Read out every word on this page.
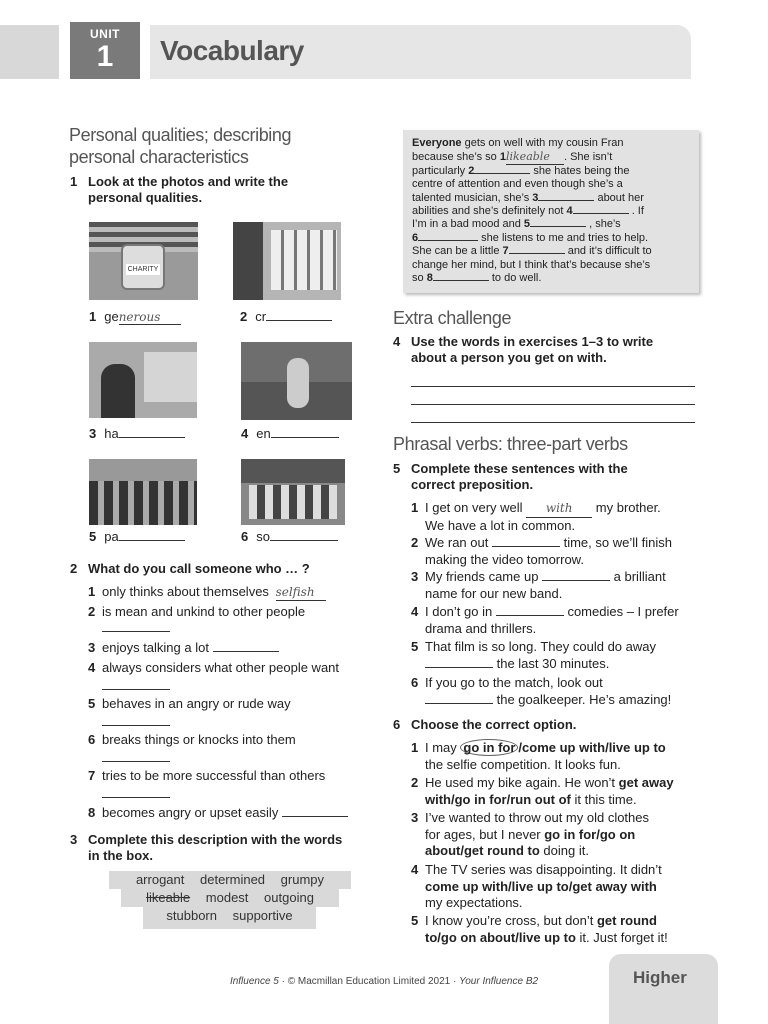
UNIT
1	Vocabulary
Personal qualities; describing
personal characteristics
1 Look at the photos and write the
personal qualities.
CHARITY
1 generous	2 cr
3 ha	4 en
5 pa	6 so
2 What do you call someone who … ?
1 only thinks about themselves selfish
2 is mean and unkind to other people
3 enjoys talking a lot
4 always considers what other people want
5 behaves in an angry or rude way
6 breaks things or knocks into them
7 tries to be more successful than others
8 becomes angry or upset easily
3 Complete this description with the words
in the box.
arrogant determined grumpy
likeable modest outgoing
stubborn supportive
Everyone gets on well with my cousin Fran
because she’s so 1likeable . She isn’t
particularly 2	she hates being the
centre of attention and even though she’s a
talented musician, she’s 3	about her
abilities and she’s definitely not 4	. If
I’m in a bad mood and 5	, she’s
6	she listens to me and tries to help.
She can be a little 7	and it’s difficult to
change her mind, but I think that’s because she’s
so 8	to do well.
Extra challenge
4 Use the words in exercises 1–3 to write
about a person you get on with.
Phrasal verbs: three-part verbs
5 Complete these sentences with the
correct preposition.
1 I get on very well with my brother.
We have a lot in common.
2 We ran out	time, so we’ll finish
making the video tomorrow.
3 My friends came up	a brilliant
name for our new band.
4 I don’t go in	comedies – I prefer
drama and thrillers.
5 That film is so long. They could do away
the last 30 minutes.
6 If you go to the match, look out
the goalkeeper. He’s amazing!
6 Choose the correct option.
1 I may go in for /come up with/live up to
the selfie competition. It looks fun.
2 He used my bike again. He won’t get away
with/go in for/run out of it this time.
3 I’ve wanted to throw out my old clothes
for ages, but I never go in for/go on
about/get round to doing it.
4 The TV series was disappointing. It didn’t
come up with/live up to/get away with
my expectations.
5 I know you’re cross, but don’t get round
to/go on about/live up to it. Just forget it!
Influence 5 · © Macmillan Education Limited 2021 · Your Influence B2	Higher
